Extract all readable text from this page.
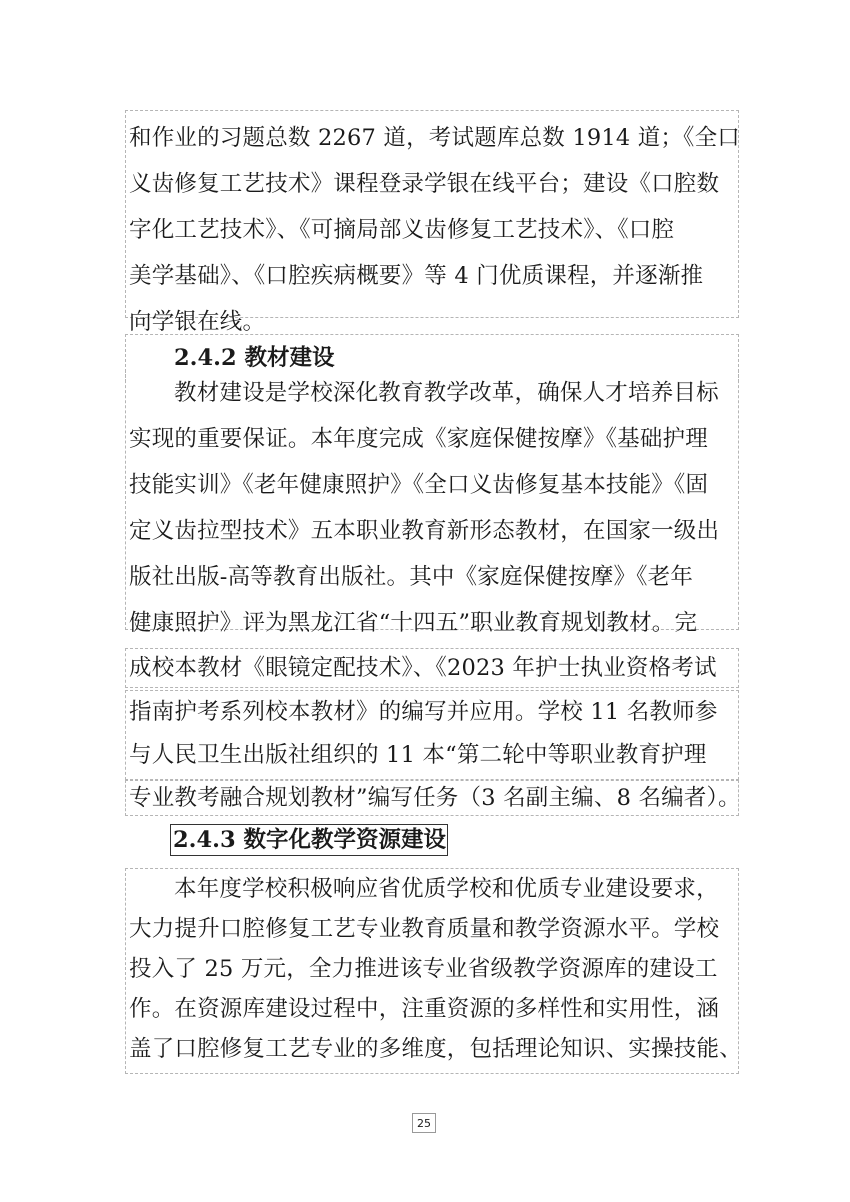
和作业的习题总数 2267 道，考试题库总数 1914 道；《全口
义齿修复工艺技术》课程登录学银在线平台；建设《口腔数
字化工艺技术》、《可摘局部义齿修复工艺技术》、《口腔
美学基础》、《口腔疾病概要》等 4 门优质课程，并逐渐推
向学银在线。
2.4.2 教材建设
教材建设是学校深化教育教学改革，确保人才培养目标
实现的重要保证。本年度完成《家庭保健按摩》《基础护理
技能实训》《老年健康照护》《全口义齿修复基本技能》《固
定义齿拉型技术》五本职业教育新形态教材，在国家一级出
版社出版-高等教育出版社。其中《家庭保健按摩》《老年
健康照护》评为黑龙江省“十四五”职业教育规划教材。完
成校本教材《眼镜定配技术》、《2023 年护士执业资格考试
指南护考系列校本教材》的编写并应用。学校 11 名教师参
与人民卫生出版社组织的 11 本“第二轮中等职业教育护理
专业教考融合规划教材”编写任务（3 名副主编、8 名编者）。
2.4.3 数字化教学资源建设
本年度学校积极响应省优质学校和优质专业建设要求，
大力提升口腔修复工艺专业教育质量和教学资源水平。学校
投入了 25 万元，全力推进该专业省级教学资源库的建设工
作。在资源库建设过程中，注重资源的多样性和实用性，涵
盖了口腔修复工艺专业的多维度，包括理论知识、实操技能、
25
